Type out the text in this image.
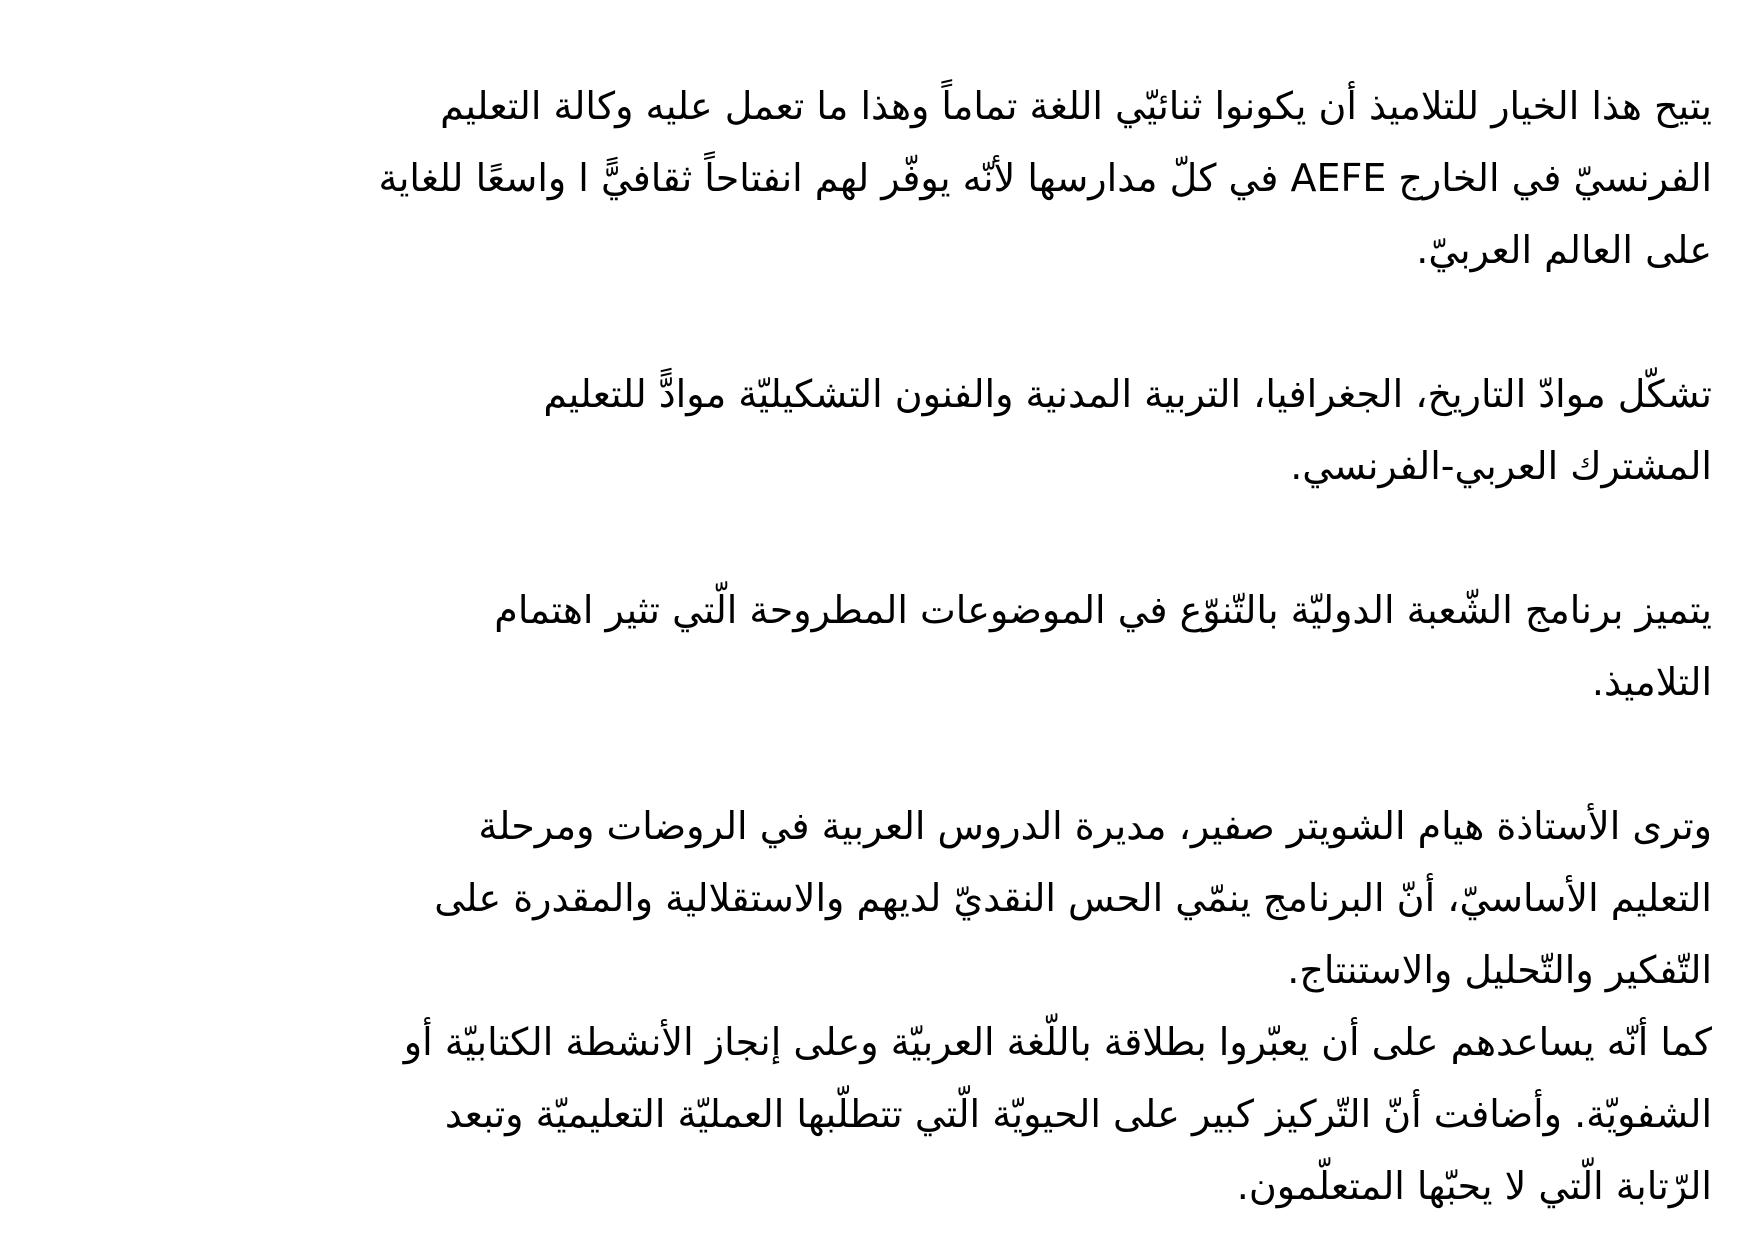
يتيح هذا الخيار للتلاميذ أن يكونوا ثنائيّي اللغة تماماً وهذا ما تعمل عليه وكالة التعليم
الفرنسيّ في الخارج AEFE في كلّ مدارسها لأنّه يوفّر لهم انفتاحاً ثقافيًّ ا واسعًا للغاية
على العالم العربيّ.
تشكّل موادّ التاريخ، الجغرافيا، التربية المدنية والفنون التشكيليّة موادًّ للتعليم
المشترك العربي-الفرنسي.
يتميز برنامج الشّعبة الدوليّة بالتّنوّع في الموضوعات المطروحة الّتي تثير اهتمام
التلاميذ.
وترى الأستاذة هيام الشويتر صفير، مديرة الدروس العربية في الروضات ومرحلة
التعليم الأساسيّ، أنّ البرنامج ينمّي الحس النقديّ لديهم والاستقلالية والمقدرة على
التّفكير والتّحليل والاستنتاج.
كما أنّه يساعدهم على أن يعبّروا بطلاقة باللّغة العربيّة وعلى إنجاز الأنشطة الكتابيّة أو
الشفويّة. وأضافت أنّ التّركيز كبير على الحيويّة الّتي تتطلّبها العمليّة التعليميّة وتبعد
الرّتابة الّتي لا يحبّها المتعلّمون.
